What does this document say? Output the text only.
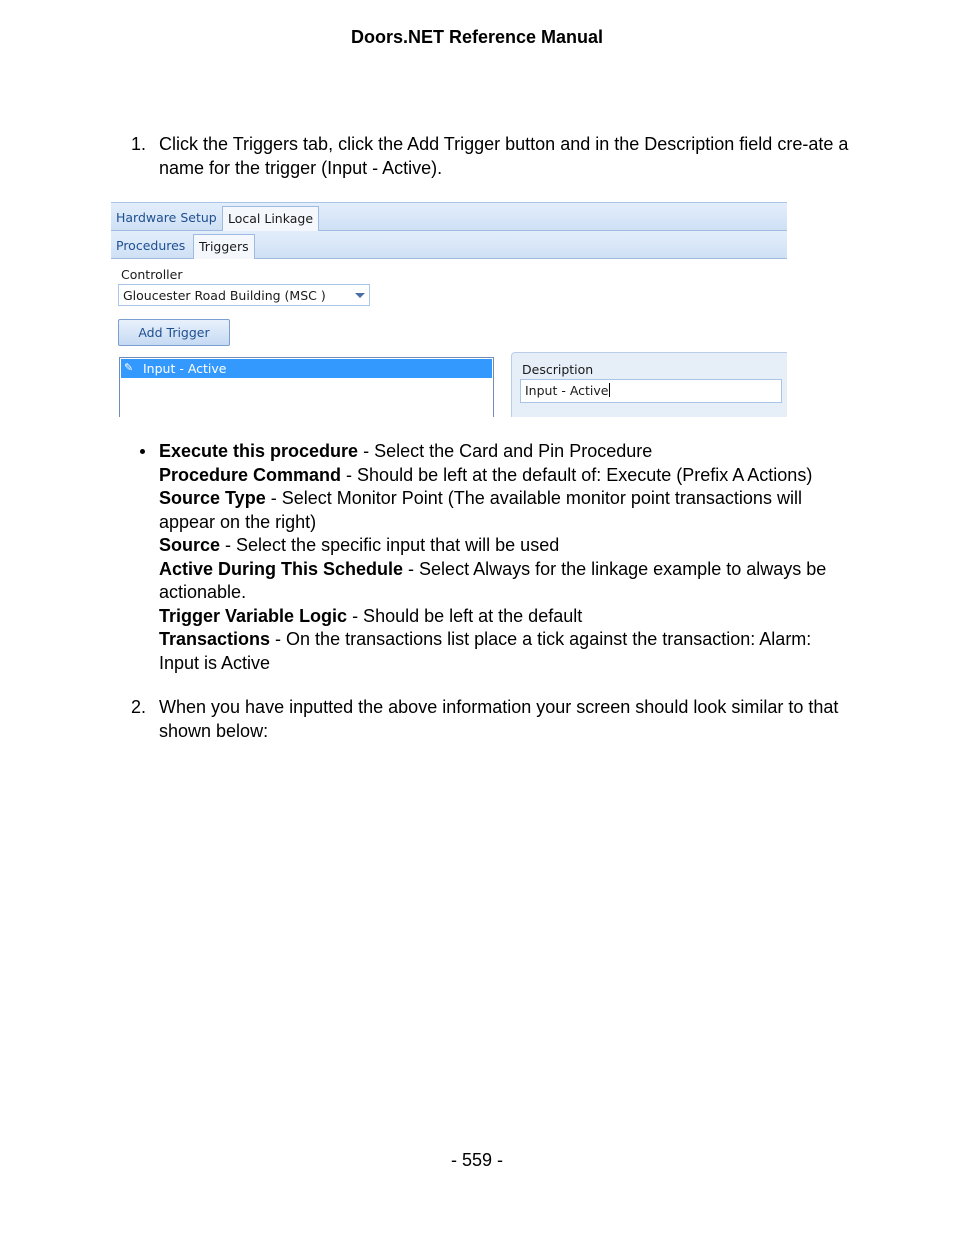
Doors.NET Reference Manual
1. Click the Triggers tab, click the Add Trigger button and in the Description field cre-ate a name for the trigger (Input - Active).
Hardware Setup Local Linkage
Procedures	Triggers
Controller
Gloucester Road Building (MSC )
Add Trigger
✎ Input - Active	Description
Input - Active
Execute this procedure - Select the Card and Pin Procedure
Procedure Command - Should be left at the default of: Execute (Prefix A Actions)
Source Type - Select Monitor Point (The available monitor point transactions will appear on the right)
Source - Select the specific input that will be used
Active During This Schedule - Select Always for the linkage example to always be actionable.
Trigger Variable Logic - Should be left at the default
Transactions - On the transactions list place a tick against the transaction: Alarm: Input is Active
2. When you have inputted the above information your screen should look similar to that shown below:
- 559 -
